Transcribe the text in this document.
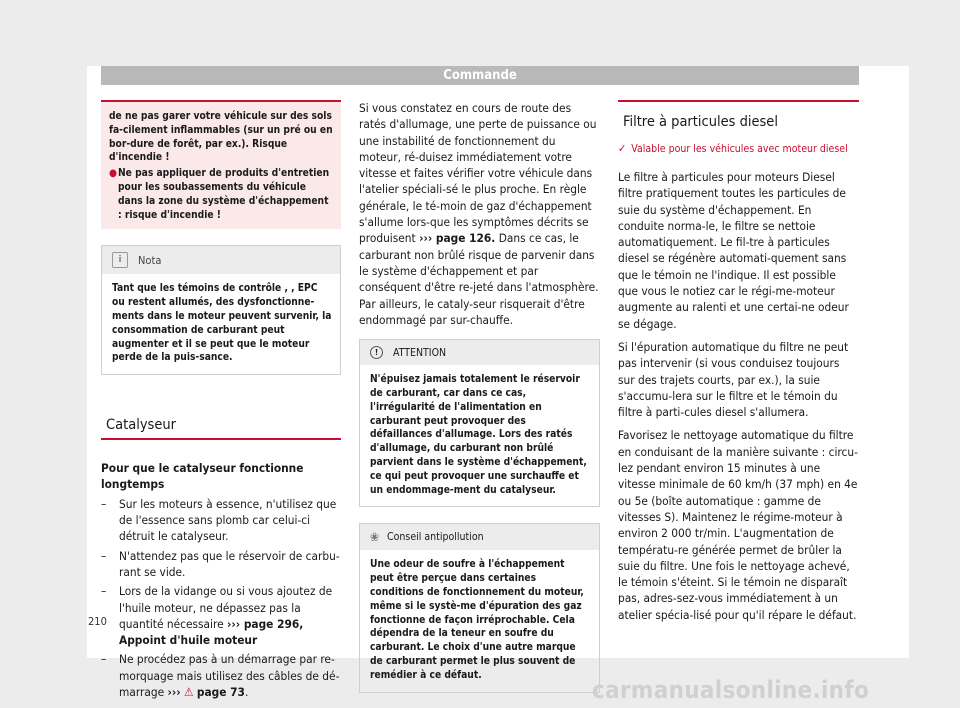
Commande

de ne pas garer votre véhicule sur des sols fa-cilement inflammables (sur un pré ou en bor-dure de forêt, par ex.). Risque d'incendie !

● Ne pas appliquer de produits d'entretien pour les soubassements du véhicule dans la zone du système d'échappement : risque d'incendie !
i	Nota
Tant que les témoins de contrôle , , EPC ou restent allumés, des dysfonctionne-ments dans le moteur peuvent survenir, la consommation de carburant peut augmenter et il se peut que le moteur perde de la puis-sance.
Catalyseur
Pour que le catalyseur fonctionne longtemps
–	Sur les moteurs à essence, n'utilisez que de l'essence sans plomb car celui-ci détruit le catalyseur.
–	N'attendez pas que le réservoir de carbu-rant se vide.
–	Lors de la vidange ou si vous ajoutez de l'huile moteur, ne dépassez pas la quantité nécessaire ››› page 296, Appoint d'huile moteur
–	Ne procédez pas à un démarrage par re-morquage mais utilisez des câbles de dé-marrage ››› ⚠ page 73.
210

Si vous constatez en cours de route des ratés d'allumage, une perte de puissance ou une instabilité de fonctionnement du moteur, ré-duisez immédiatement votre vitesse et faites vérifier votre véhicule dans l'atelier spéciali-sé le plus proche. En règle générale, le té-moin de gaz d'échappement s'allume lors-que les symptômes décrits se produisent ››› page 126. Dans ce cas, le carburant non brûlé risque de parvenir dans le système d'échappement et par conséquent d'être re-jeté dans l'atmosphère. Par ailleurs, le cataly-seur risquerait d'être endommagé par sur-chauffe.

!	ATTENTION
N'épuisez jamais totalement le réservoir de carburant, car dans ce cas, l'irrégularité de l'alimentation en carburant peut provoquer des défaillances d'allumage. Lors des ratés d'allumage, du carburant non brûlé parvient dans le système d'échappement, ce qui peut provoquer une surchauffe et un endommage-ment du catalyseur.
❀ Conseil antipollution
Une odeur de soufre à l'échappement peut être perçue dans certaines conditions de fonctionnement du moteur, même si le systè-me d'épuration des gaz fonctionne de façon irréprochable. Cela dépendra de la teneur en soufre du carburant. Le choix d'une autre marque de carburant permet le plus souvent de remédier à ce défaut.
Filtre à particules diesel
✓ Valable pour les véhicules avec moteur diesel

Le filtre à particules pour moteurs Diesel filtre pratiquement toutes les particules de suie du système d'échappement. En conduite norma-le, le filtre se nettoie automatiquement. Le fil-tre à particules diesel se régénère automati-quement sans que le témoin ne l'indique. Il est possible que vous le notiez car le régi-me-moteur augmente au ralenti et une certai-ne odeur se dégage.

Si l'épuration automatique du filtre ne peut pas intervenir (si vous conduisez toujours sur des trajets courts, par ex.), la suie s'accumu-lera sur le filtre et le témoin du filtre à parti-cules diesel s'allumera.

Favorisez le nettoyage automatique du filtre en conduisant de la manière suivante : circu-lez pendant environ 15 minutes à une vitesse minimale de 60 km/h (37 mph) en 4e ou 5e (boîte automatique : gamme de vitesses S). Maintenez le régime-moteur à environ 2 000 tr/min. L'augmentation de températu-re générée permet de brûler la suie du filtre. Une fois le nettoyage achevé, le témoin s'éteint. Si le témoin ne disparaît pas, adres-sez-vous immédiatement à un atelier spécia-lisé pour qu'il répare le défaut.

carmanualsonline.info
